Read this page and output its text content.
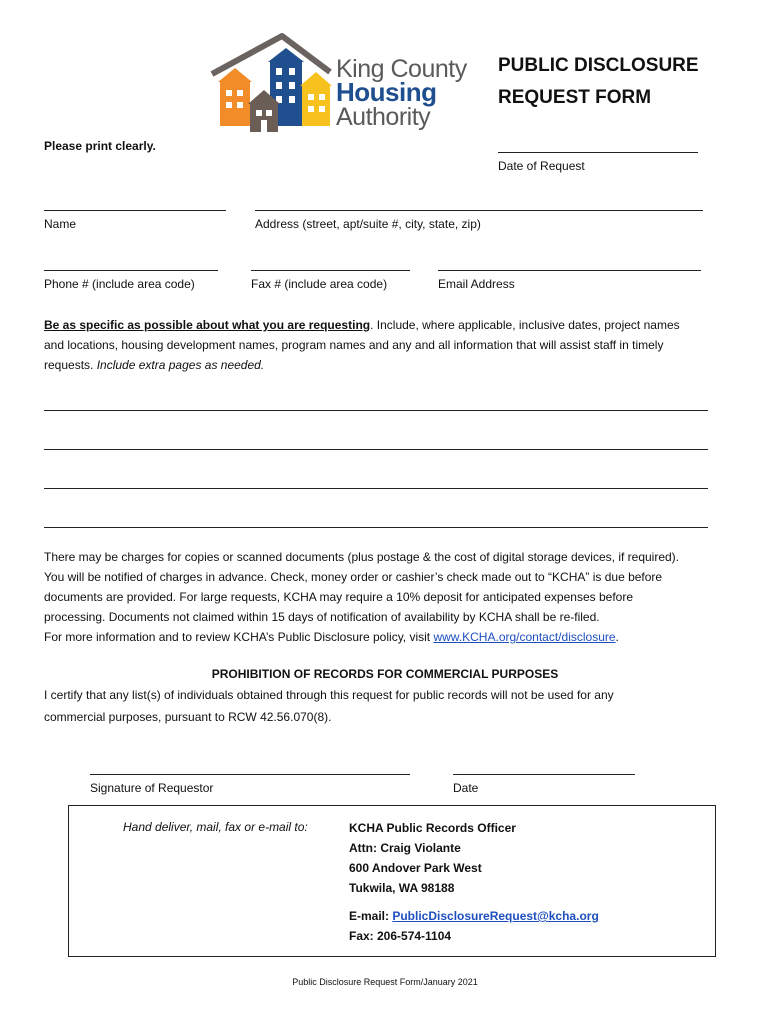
King County
Housing
Authority
PUBLIC DISCLOSURE
REQUEST FORM
Please print clearly.
Date of Request
Name	Address (street, apt/suite #, city, state, zip)
Phone # (include area code)	Fax # (include area code)	Email Address
Be as specific as possible about what you are requesting. Include, where applicable, inclusive dates, project names
and locations, housing development names, program names and any and all information that will assist staff in timely
requests. Include extra pages as needed.
There may be charges for copies or scanned documents (plus postage & the cost of digital storage devices, if required).
You will be notified of charges in advance. Check, money order or cashier’s check made out to “KCHA” is due before
documents are provided. For large requests, KCHA may require a 10% deposit for anticipated expenses before
processing. Documents not claimed within 15 days of notification of availability by KCHA shall be re-filed.
For more information and to review KCHA’s Public Disclosure policy, visit www.KCHA.org/contact/disclosure.
PROHIBITION OF RECORDS FOR COMMERCIAL PURPOSES
I certify that any list(s) of individuals obtained through this request for public records will not be used for any
commercial purposes, pursuant to RCW 42.56.070(8).
Signature of Requestor	Date
Hand deliver, mail, fax or e-mail to:	KCHA Public Records Officer
Attn: Craig Violante
600 Andover Park West
Tukwila, WA 98188
E-mail: PublicDisclosureRequest@kcha.org
Fax: 206-574-1104
Public Disclosure Request Form/January 2021
